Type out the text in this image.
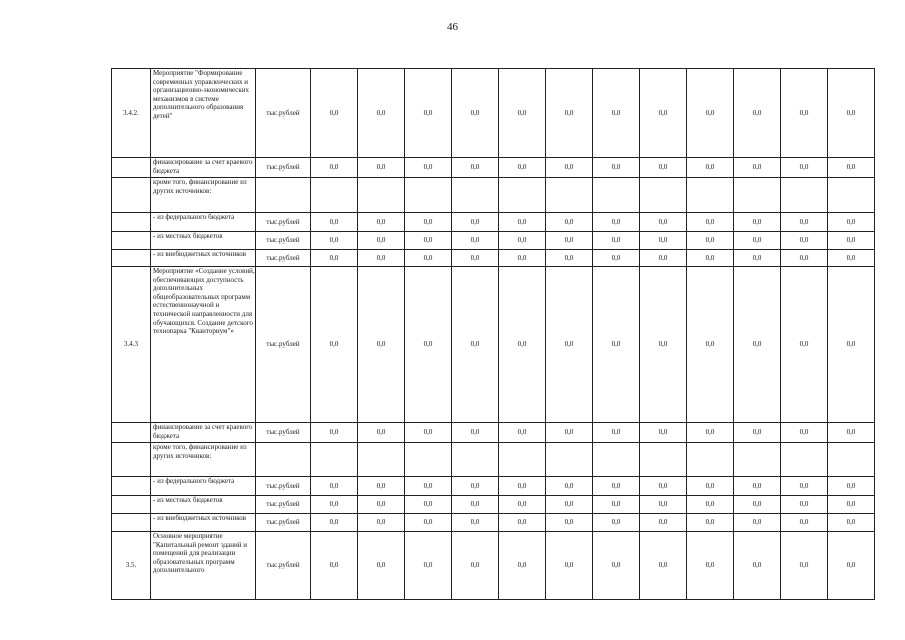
46
3.4.2.	Мероприятие "Формирование современных управленческих и организационно-экономических механизмов в системе дополнительного образования детей"	тыс.рублей	0,0	0,0	0,0	0,0	0,0	0,0	0,0	0,0	0,0	0,0	0,0	0,0
	финансирование за счет краевого бюджета	тыс.рублей	0,0	0,0	0,0	0,0	0,0	0,0	0,0	0,0	0,0	0,0	0,0	0,0
	кроме того, финансирование из других источников:													
	- из федерального бюджета	тыс.рублей	0,0	0,0	0,0	0,0	0,0	0,0	0,0	0,0	0,0	0,0	0,0	0,0
	- из местных бюджетов	тыс.рублей	0,0	0,0	0,0	0,0	0,0	0,0	0,0	0,0	0,0	0,0	0,0	0,0
	- из внебюджетных источников	тыс.рублей	0,0	0,0	0,0	0,0	0,0	0,0	0,0	0,0	0,0	0,0	0,0	0,0
3.4.3	Мероприятие «Создание условий, обеспечивающих доступность дополнительных общеобразовательных программ естественнонаучной и технической направленности для обучающихся. Создание детского технопарка "Кванториум"»	тыс.рублей	0,0	0,0	0,0	0,0	0,0	0,0	0,0	0,0	0,0	0,0	0,0	0,0
	финансирование за счет краевого бюджета	тыс.рублей	0,0	0,0	0,0	0,0	0,0	0,0	0,0	0,0	0,0	0,0	0,0	0,0
	кроме того, финансирование из других источников:													
	- из федерального бюджета	тыс.рублей	0,0	0,0	0,0	0,0	0,0	0,0	0,0	0,0	0,0	0,0	0,0	0,0
	- из местных бюджетов	тыс.рублей	0,0	0,0	0,0	0,0	0,0	0,0	0,0	0,0	0,0	0,0	0,0	0,0
	- из внебюджетных источников	тыс.рублей	0,0	0,0	0,0	0,0	0,0	0,0	0,0	0,0	0,0	0,0	0,0	0,0
3.5.	Основное мероприятие "Капитальный ремонт зданий и помещений для реализации образовательных программ дополнительного	тыс.рублей	0,0	0,0	0,0	0,0	0,0	0,0	0,0	0,0	0,0	0,0	0,0	0,0
